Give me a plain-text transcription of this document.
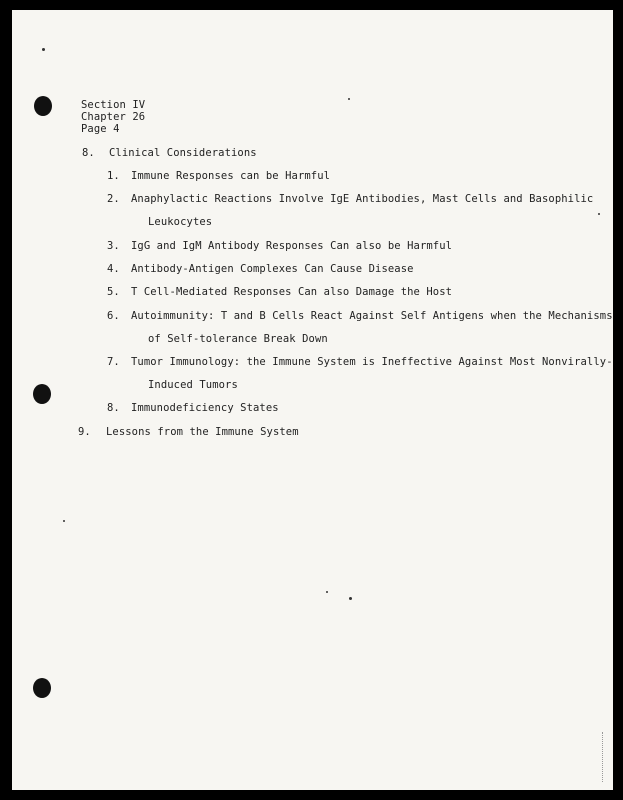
Section IV
Chapter 26
Page 4
8. Clinical Considerations
1. Immune Responses can be Harmful
2. Anaphylactic Reactions Involve IgE Antibodies, Mast Cells and Basophilic
Leukocytes
3. IgG and IgM Antibody Responses Can also be Harmful
4. Antibody-Antigen Complexes Can Cause Disease
5. T Cell-Mediated Responses Can also Damage the Host
6. Autoimmunity: T and B Cells React Against Self Antigens when the Mechanisms
of Self-tolerance Break Down
7. Tumor Immunology: the Immune System is Ineffective Against Most Nonvirally-
Induced Tumors
8. Immunodeficiency States
9. Lessons from the Immune System
